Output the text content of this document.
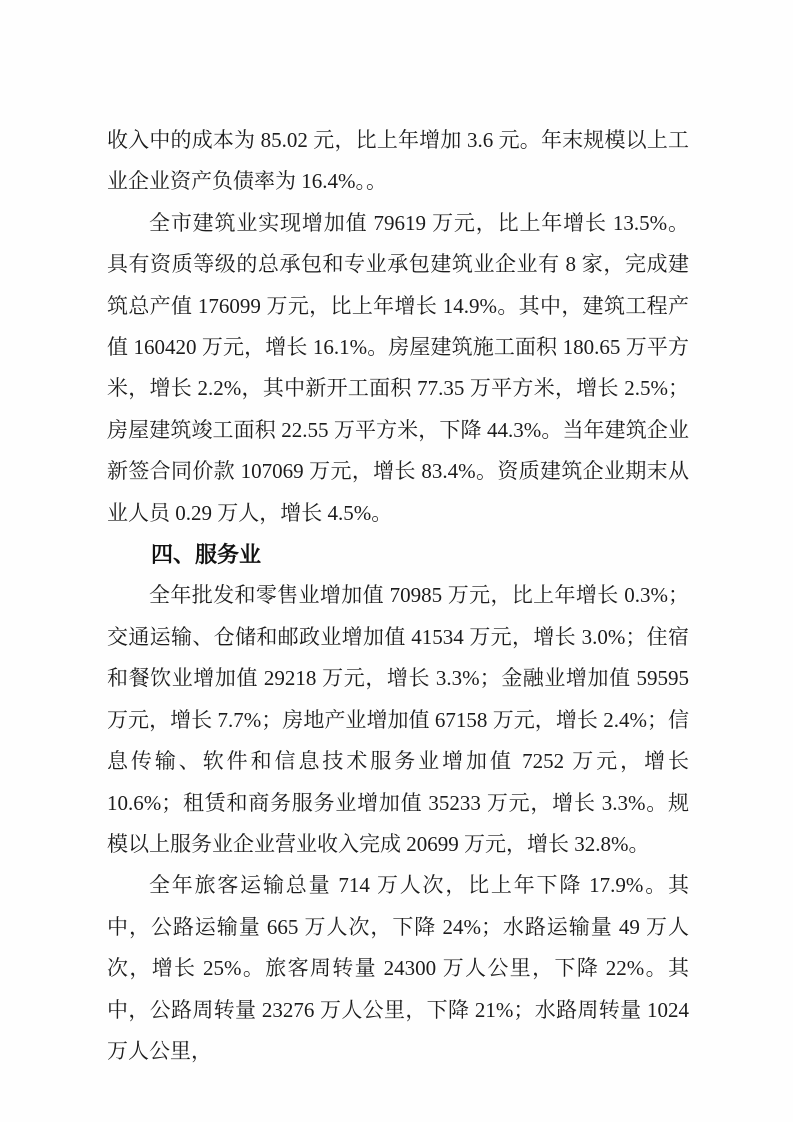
收入中的成本为 85.02 元，比上年增加 3.6 元。年末规模以上工业企业资产负债率为 16.4%。。

全市建筑业实现增加值 79619 万元，比上年增长 13.5%。具有资质等级的总承包和专业承包建筑业企业有 8 家，完成建筑总产值 176099 万元，比上年增长 14.9%。其中，建筑工程产值 160420 万元，增长 16.1%。房屋建筑施工面积 180.65 万平方米，增长 2.2%，其中新开工面积 77.35 万平方米，增长 2.5%；房屋建筑竣工面积 22.55 万平方米，下降 44.3%。当年建筑企业新签合同价款 107069 万元，增长 83.4%。资质建筑企业期末从业人员 0.29 万人，增长 4.5%。

四、服务业

全年批发和零售业增加值 70985 万元，比上年增长 0.3%；交通运输、仓储和邮政业增加值 41534 万元，增长 3.0%；住宿和餐饮业增加值 29218 万元，增长 3.3%；金融业增加值 59595 万元，增长 7.7%；房地产业增加值 67158 万元，增长 2.4%；信息传输、软件和信息技术服务业增加值 7252 万元，增长 10.6%；租赁和商务服务业增加值 35233 万元，增长 3.3%。规模以上服务业企业营业收入完成 20699 万元，增长 32.8%。

全年旅客运输总量 714 万人次，比上年下降 17.9%。其中，公路运输量 665 万人次，下降 24%；水路运输量 49 万人次，增长 25%。旅客周转量 24300 万人公里，下降 22%。其中，公路周转量 23276 万人公里，下降 21%；水路周转量 1024 万人公里，
